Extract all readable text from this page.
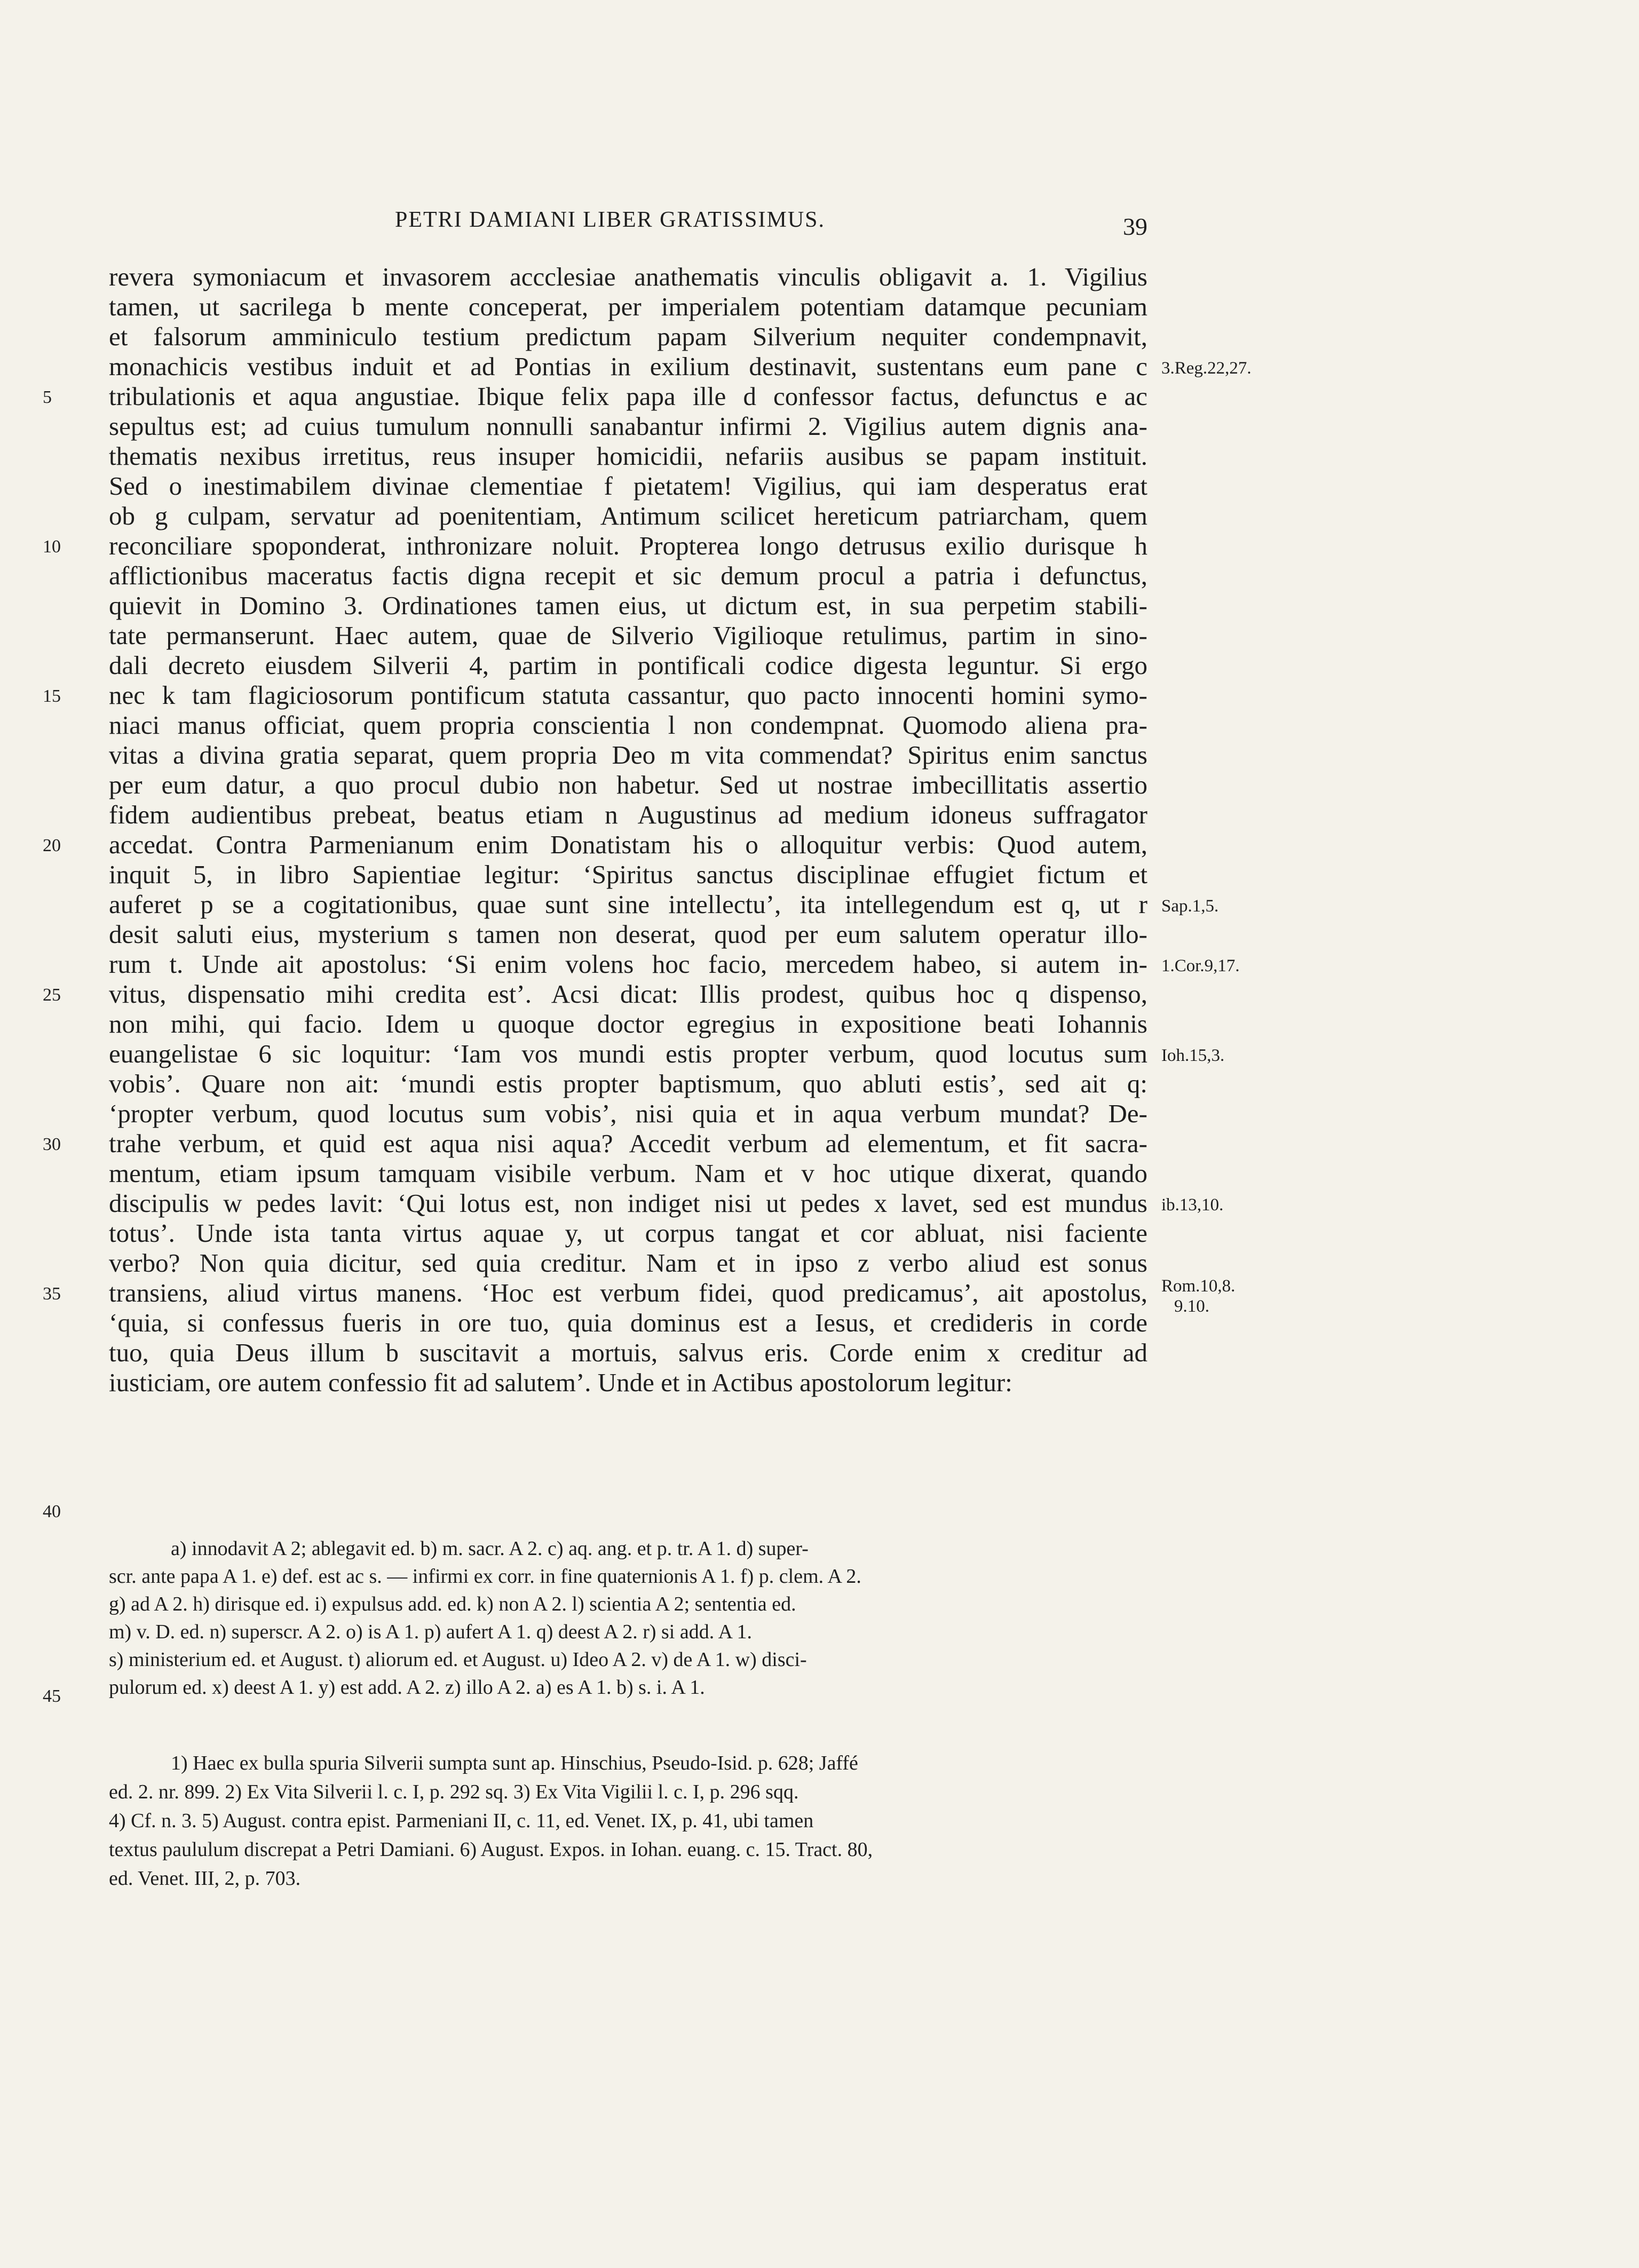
PETRI DAMIANI LIBER GRATISSIMUS.	39
revera symoniacum et invasorem accclesiae anathematis vinculis obligavit a. 1. Vigilius
tamen, ut sacrilega b mente conceperat, per imperialem potentiam datamque pecuniam
et falsorum amminiculo testium predictum papam Silverium nequiter condempnavit,
monachicis vestibus induit et ad Pontias in exilium destinavit, sustentans eum pane c
tribulationis et aqua angustiae. Ibique felix papa ille d confessor factus, defunctus e ac
sepultus est; ad cuius tumulum nonnulli sanabantur infirmi 2. Vigilius autem dignis ana-
thematis nexibus irretitus, reus insuper homicidii, nefariis ausibus se papam instituit.
Sed o inestimabilem divinae clementiae f pietatem! Vigilius, qui iam desperatus erat
ob g culpam, servatur ad poenitentiam, Antimum scilicet hereticum patriarcham, quem
reconciliare spoponderat, inthronizare noluit. Propterea longo detrusus exilio durisque h
afflictionibus maceratus factis digna recepit et sic demum procul a patria i defunctus,
quievit in Domino 3. Ordinationes tamen eius, ut dictum est, in sua perpetim stabili-
tate permanserunt. Haec autem, quae de Silverio Vigilioque retulimus, partim in sino-
dali decreto eiusdem Silverii 4, partim in pontificali codice digesta leguntur. Si ergo
nec k tam flagiciosorum pontificum statuta cassantur, quo pacto innocenti homini symo-
niaci manus officiat, quem propria conscientia l non condempnat. Quomodo aliena pra-
vitas a divina gratia separat, quem propria Deo m vita commendat? Spiritus enim sanctus
per eum datur, a quo procul dubio non habetur. Sed ut nostrae imbecillitatis assertio
fidem audientibus prebeat, beatus etiam n Augustinus ad medium idoneus suffragator
accedat. Contra Parmenianum enim Donatistam his o alloquitur verbis: Quod autem,
inquit 5, in libro Sapientiae legitur: ‘Spiritus sanctus disciplinae effugiet fictum et
auferet p se a cogitationibus, quae sunt sine intellectu’, ita intellegendum est q, ut r
desit saluti eius, mysterium s tamen non deserat, quod per eum salutem operatur illo-
rum t. Unde ait apostolus: ‘Si enim volens hoc facio, mercedem habeo, si autem in-
vitus, dispensatio mihi credita est’. Acsi dicat: Illis prodest, quibus hoc q dispenso,
non mihi, qui facio. Idem u quoque doctor egregius in expositione beati Iohannis
euangelistae 6 sic loquitur: ‘Iam vos mundi estis propter verbum, quod locutus sum
vobis’. Quare non ait: ‘mundi estis propter baptismum, quo abluti estis’, sed ait q:
‘propter verbum, quod locutus sum vobis’, nisi quia et in aqua verbum mundat? De-
trahe verbum, et quid est aqua nisi aqua? Accedit verbum ad elementum, et fit sacra-
mentum, etiam ipsum tamquam visibile verbum. Nam et v hoc utique dixerat, quando
discipulis w pedes lavit: ‘Qui lotus est, non indiget nisi ut pedes x lavet, sed est mundus
totus’. Unde ista tanta virtus aquae y, ut corpus tangat et cor abluat, nisi faciente
verbo? Non quia dicitur, sed quia creditur. Nam et in ipso z verbo aliud est sonus
transiens, aliud virtus manens. ‘Hoc est verbum fidei, quod predicamus’, ait apostolus,
‘quia, si confessus fueris in ore tuo, quia dominus est a Iesus, et credideris in corde
tuo, quia Deus illum b suscitavit a mortuis, salvus eris. Corde enim x creditur ad
iusticiam, ore autem confessio fit ad salutem’. Unde et in Actibus apostolorum legitur:
5
10
15
20
25
30
35
40
45
3.Reg.22,27.
Sap.1,5.
1.Cor.9,17.
Ioh.15,3.
ib.13,10.
Rom.10,8.
9.10.
a) innodavit A 2; ablegavit ed. b) m. sacr. A 2. c) aq. ang. et p. tr. A 1. d) super-
scr. ante papa A 1. e) def. est ac s. — infirmi ex corr. in fine quaternionis A 1. f) p. clem. A 2.
g) ad A 2. h) dirisque ed. i) expulsus add. ed. k) non A 2. l) scientia A 2; sententia ed.
m) v. D. ed. n) superscr. A 2. o) is A 1. p) aufert A 1. q) deest A 2. r) si add. A 1.
s) ministerium ed. et August. t) aliorum ed. et August. u) Ideo A 2. v) de A 1. w) disci-
pulorum ed. x) deest A 1. y) est add. A 2. z) illo A 2. a) es A 1. b) s. i. A 1.
1) Haec ex bulla spuria Silverii sumpta sunt ap. Hinschius, Pseudo-Isid. p. 628; Jaffé
ed. 2. nr. 899. 2) Ex Vita Silverii l. c. I, p. 292 sq. 3) Ex Vita Vigilii l. c. I, p. 296 sqq.
4) Cf. n. 3. 5) August. contra epist. Parmeniani II, c. 11, ed. Venet. IX, p. 41, ubi tamen
textus paululum discrepat a Petri Damiani. 6) August. Expos. in Iohan. euang. c. 15. Tract. 80,
ed. Venet. III, 2, p. 703.
